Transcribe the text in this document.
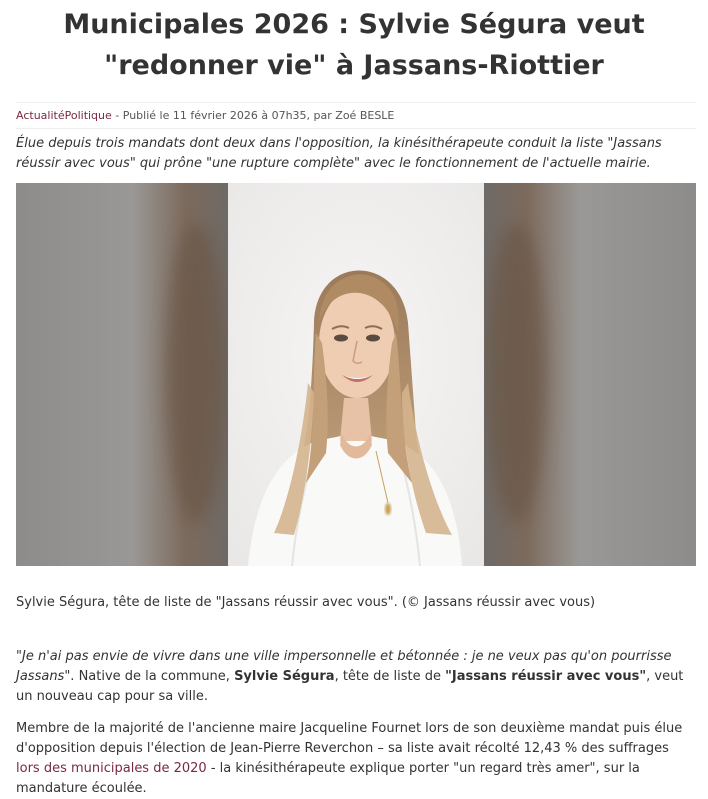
Municipales 2026 : Sylvie Ségura veut
"redonner vie" à Jassans-Riottier
ActualitéPolitique - Publié le 11 février 2026 à 07h35, par Zoé BESLE

Élue depuis trois mandats dont deux dans l'opposition, la kinésithérapeute conduit la liste "Jassans réussir avec vous" qui prône "une rupture complète" avec le fonctionnement de l'actuelle mairie.

Sylvie Ségura, tête de liste de "Jassans réussir avec vous". (© Jassans réussir avec vous)

"Je n'ai pas envie de vivre dans une ville impersonnelle et bétonnée : je ne veux pas qu'on pourrisse Jassans". Native de la commune, Sylvie Ségura, tête de liste de "Jassans réussir avec vous", veut un nouveau cap pour sa ville.

Membre de la majorité de l'ancienne maire Jacqueline Fournet lors de son deuxième mandat puis élue d'opposition depuis l'élection de Jean-Pierre Reverchon – sa liste avait récolté 12,43 % des suffrages lors des municipales de 2020 - la kinésithérapeute explique porter "un regard très amer", sur la mandature écoulée.
